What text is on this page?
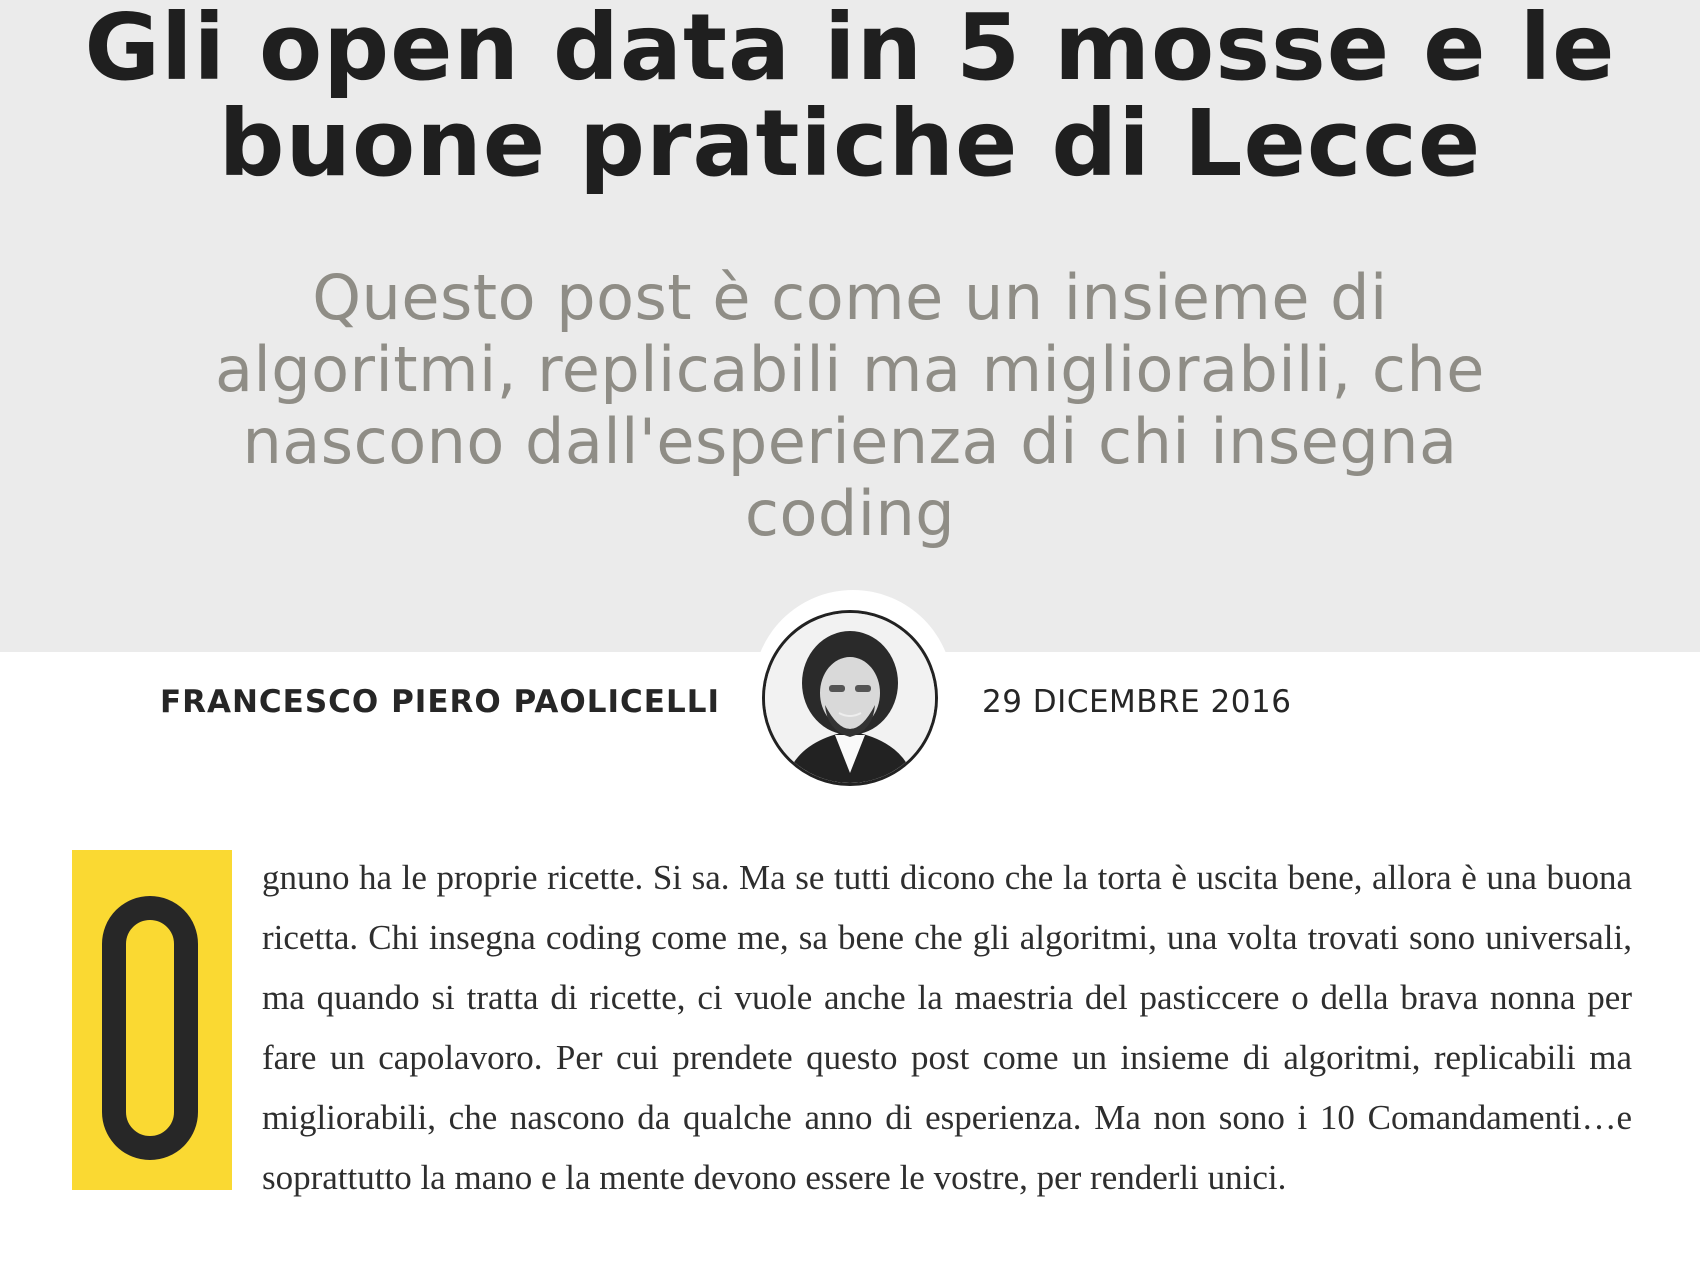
Gli open data in 5 mosse e le buone pratiche di Lecce
Questo post è come un insieme di algoritmi, replicabili ma migliorabili, che nascono dall'esperienza di chi insegna coding
FRANCESCO PIERO PAOLICELLI	29 DICEMBRE 2016

gnuno ha le proprie ricette. Si sa. Ma se tutti dicono che la torta è uscita bene, allora è una buona ricetta. Chi insegna coding come me, sa bene che gli algoritmi, una volta trovati sono universali, ma quando si tratta di ricette, ci vuole anche la maestria del pasticcere o della brava nonna per fare un capolavoro. Per cui prendete questo post come un insieme di algoritmi, replicabili ma migliorabili, che nascono da qualche anno di esperienza. Ma non sono i 10 Comandamenti…e soprattutto la mano e la mente devono essere le vostre, per renderli unici.
